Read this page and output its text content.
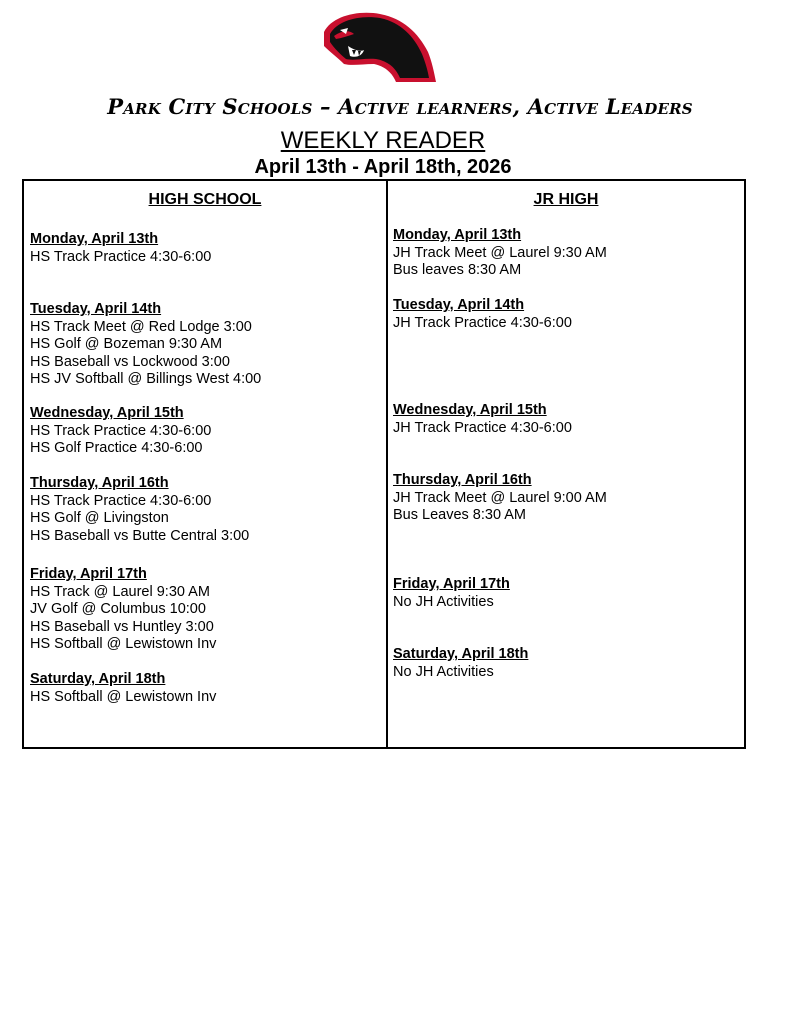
Park City Schools – Active learners, Active Leaders
WEEKLY READER
April 13th - April 18th, 2026
HIGH SCHOOL
Monday, April 13th
HS Track Practice 4:30-6:00
Tuesday, April 14th
HS Track Meet @ Red Lodge 3:00
HS Golf @ Bozeman 9:30 AM
HS Baseball vs Lockwood 3:00
HS JV Softball @ Billings West 4:00
Wednesday, April 15th
HS Track Practice 4:30-6:00
HS Golf Practice 4:30-6:00
Thursday, April 16th
HS Track Practice 4:30-6:00
HS Golf @ Livingston
HS Baseball vs Butte Central 3:00
Friday, April 17th
HS Track @ Laurel 9:30 AM
JV Golf @ Columbus 10:00
HS Baseball vs Huntley 3:00
HS Softball @ Lewistown Inv
Saturday, April 18th
HS Softball @ Lewistown Inv
JR HIGH
Monday, April 13th
JH Track Meet @ Laurel 9:30 AM
Bus leaves 8:30 AM
Tuesday, April 14th
JH Track Practice 4:30-6:00
Wednesday, April 15th
JH Track Practice 4:30-6:00
Thursday, April 16th
JH Track Meet @ Laurel 9:00 AM
Bus Leaves 8:30 AM
Friday, April 17th
No JH Activities
Saturday, April 18th
No JH Activities
